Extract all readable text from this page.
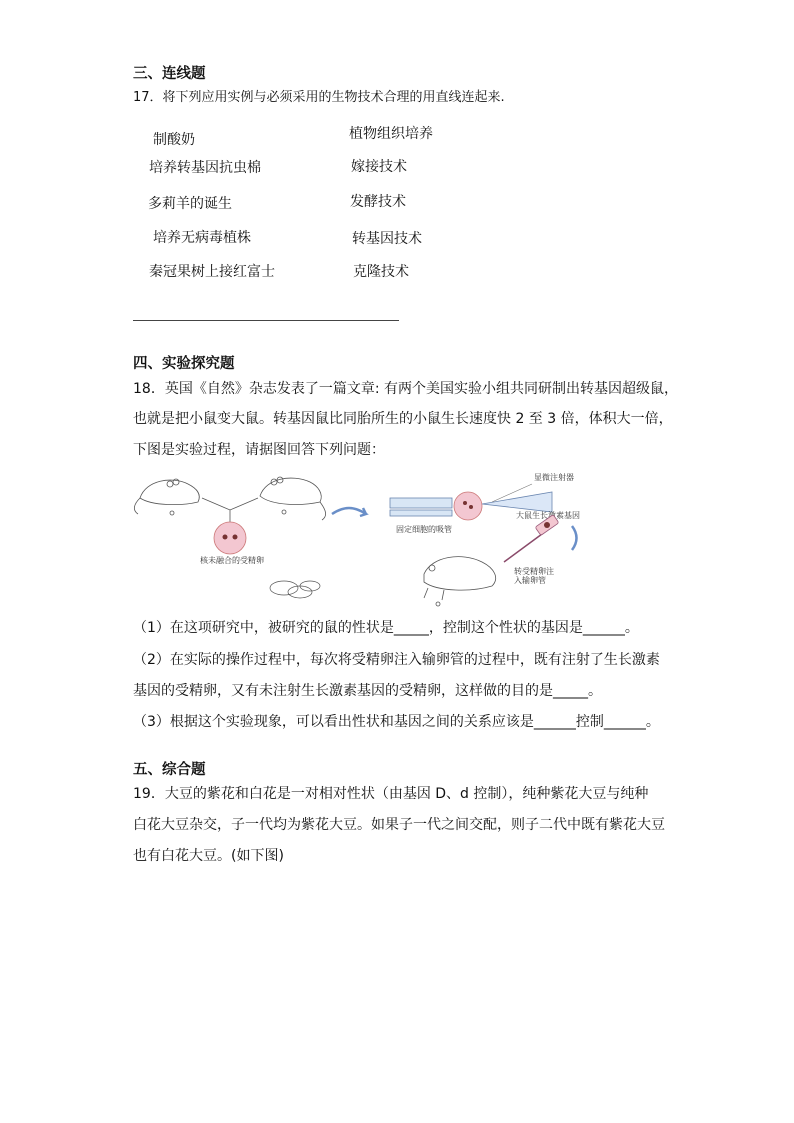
三、连线题
17．将下列应用实例与必须采用的生物技术合理的用直线连起来.
制酸奶
培养转基因抗虫棉
多莉羊的诞生
培养无病毒植株
秦冠果树上接红富士
植物组织培养
嫁接技术
发酵技术
转基因技术
克隆技术
四、实验探究题
18．英国《自然》杂志发表了一篇文章: 有两个美国实验小组共同研制出转基因超级鼠，
也就是把小鼠变大鼠。转基因鼠比同胎所生的小鼠生长速度快 2 至 3 倍，体积大一倍，
下图是实验过程，请据图回答下列问题：
核未融合的受精卵
显微注射器
固定细胞的吸管
大鼠生长激素基因
转受精卵注
入输卵管
（1）在这项研究中，被研究的鼠的性状是_____，控制这个性状的基因是______。
（2）在实际的操作过程中，每次将受精卵注入输卵管的过程中，既有注射了生长激素
基因的受精卵，又有未注射生长激素基因的受精卵，这样做的目的是_____。
（3）根据这个实验现象，可以看出性状和基因之间的关系应该是______控制______。
五、综合题
19．大豆的紫花和白花是一对相对性状（由基因 D、d 控制），纯种紫花大豆与纯种
白花大豆杂交，子一代均为紫花大豆。如果子一代之间交配，则子二代中既有紫花大豆
也有白花大豆。(如下图)
